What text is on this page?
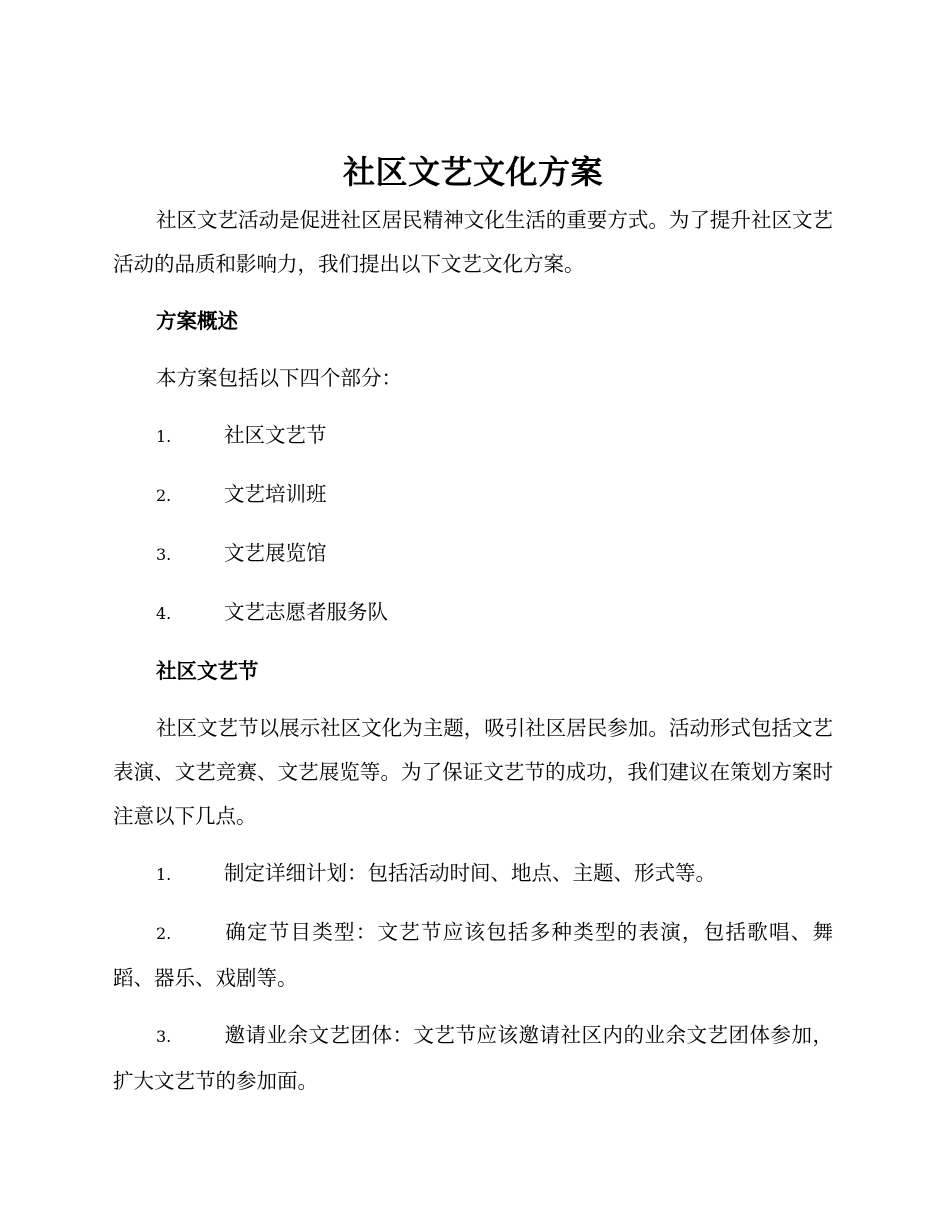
社区文艺文化方案

社区文艺活动是促进社区居民精神文化生活的重要方式。为了提升社区文艺活动的品质和影响力，我们提出以下文艺文化方案。

方案概述
本方案包括以下四个部分：
1.	社区文艺节
2.	文艺培训班
3.	文艺展览馆
4.	文艺志愿者服务队
社区文艺节

社区文艺节以展示社区文化为主题，吸引社区居民参加。活动形式包括文艺表演、文艺竞赛、文艺展览等。为了保证文艺节的成功，我们建议在策划方案时注意以下几点。

1.	制定详细计划：包括活动时间、地点、主题、形式等。
2.	确定节目类型：文艺节应该包括多种类型的表演，包括歌唱、舞蹈、器乐、戏剧等。
3.	邀请业余文艺团体：文艺节应该邀请社区内的业余文艺团体参加，扩大文艺节的参加面。
